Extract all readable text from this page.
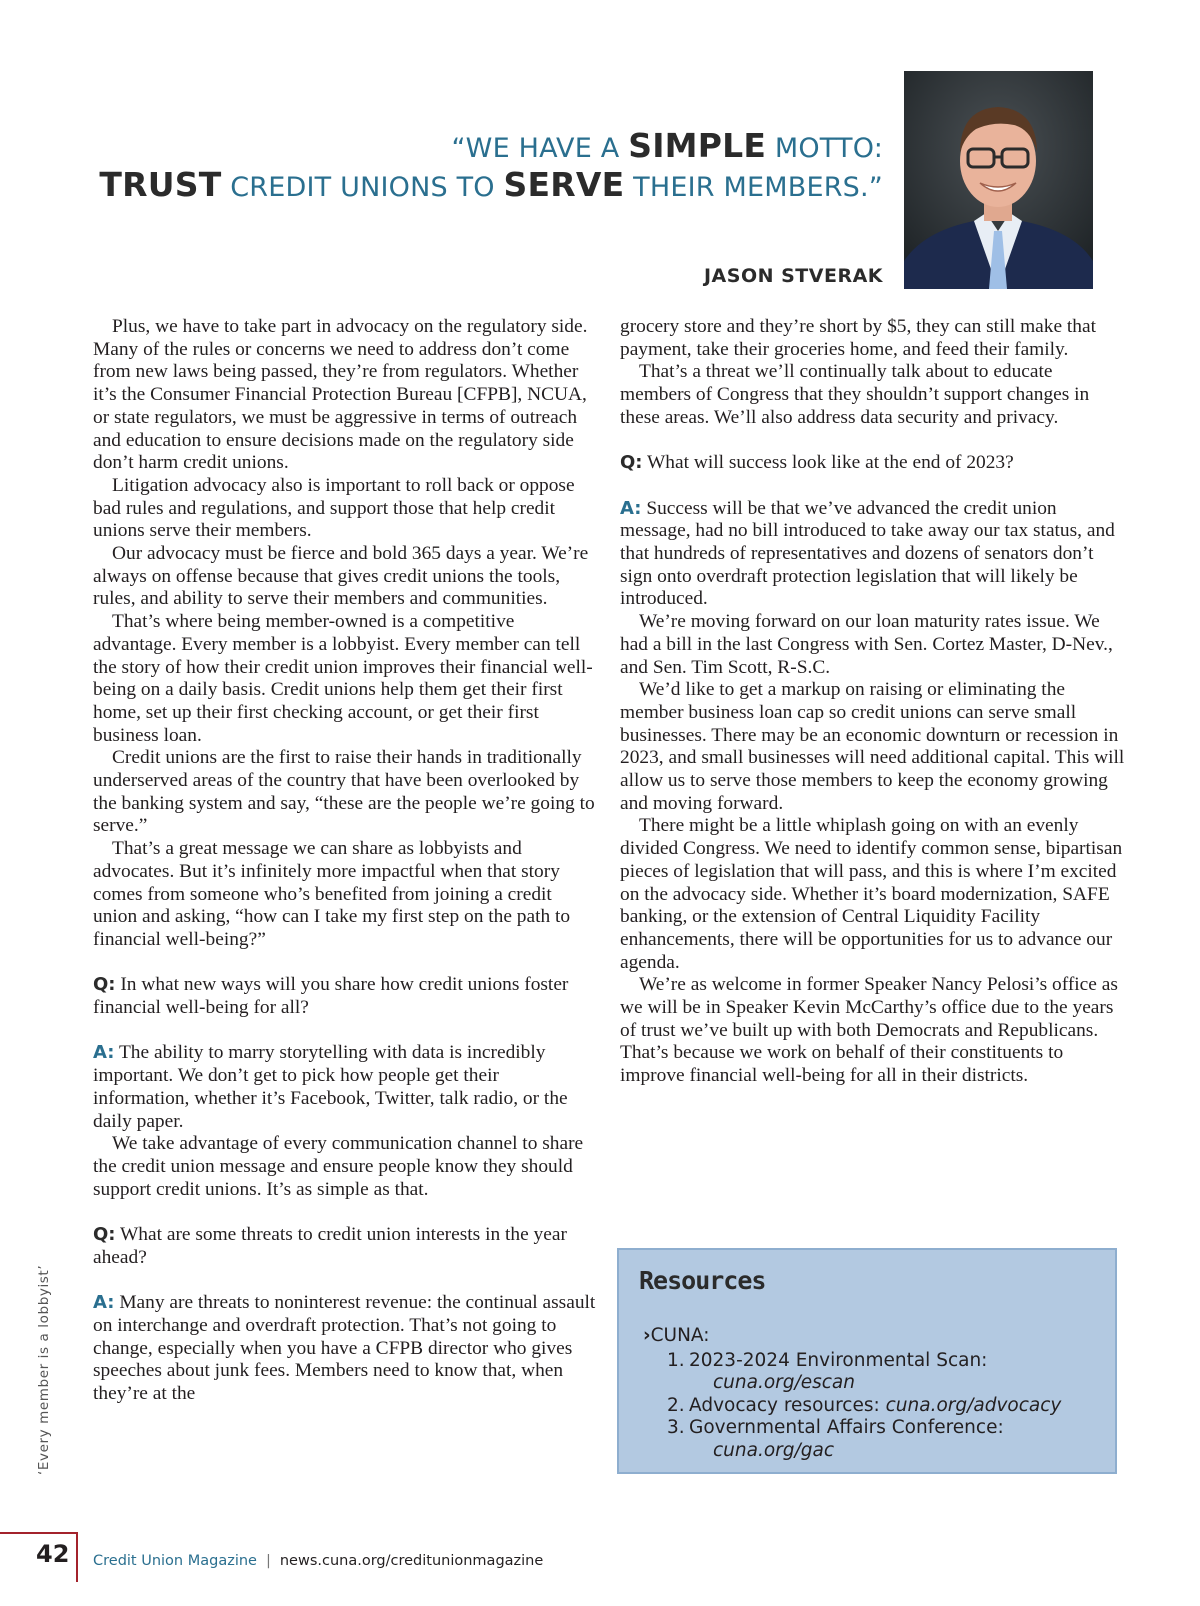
“WE HAVE A SIMPLE MOTTO:
TRUST CREDIT UNIONS TO SERVE THEIR MEMBERS.”
JASON STVERAK

Plus, we have to take part in advocacy on the regulatory side. Many of the rules or concerns we need to address don’t come from new laws being passed, they’re from regulators. Whether it’s the Consumer Financial Protection Bureau [CFPB], NCUA, or state regulators, we must be aggressive in terms of outreach and education to ensure decisions made on the regulatory side don’t harm credit unions.

Litigation advocacy also is important to roll back or oppose bad rules and regulations, and support those that help credit unions serve their members.

Our advocacy must be fierce and bold 365 days a year. We’re always on offense because that gives credit unions the tools, rules, and ability to serve their members and communities.

That’s where being member-owned is a competitive advantage. Every member is a lobbyist. Every member can tell the story of how their credit union improves their financial well-being on a daily basis. Credit unions help them get their first home, set up their first checking account, or get their first business loan.

Credit unions are the first to raise their hands in traditionally underserved areas of the country that have been overlooked by the banking system and say, “these are the people we’re going to serve.”

That’s a great message we can share as lobbyists and advocates. But it’s infinitely more impactful when that story comes from someone who’s benefited from joining a credit union and asking, “how can I take my first step on the path to financial well-being?”

Q: In what new ways will you share how credit unions foster financial well-being for all?

A: The ability to marry storytelling with data is incredibly important. We don’t get to pick how people get their information, whether it’s Facebook, Twitter, talk radio, or the daily paper.

We take advantage of every communication channel to share the credit union message and ensure people know they should support credit unions. It’s as simple as that.

Q: What are some threats to credit union interests in the year ahead?

A: Many are threats to noninterest revenue: the continual assault on interchange and overdraft protection. That’s not going to change, especially when you have a CFPB director who gives speeches about junk fees. Members need to know that, when they’re at the

grocery store and they’re short by $5, they can still make that payment, take their groceries home, and feed their family.

That’s a threat we’ll continually talk about to educate members of Congress that they shouldn’t support changes in these areas. We’ll also address data security and privacy.

Q: What will success look like at the end of 2023?

A: Success will be that we’ve advanced the credit union message, had no bill introduced to take away our tax status, and that hundreds of representatives and dozens of senators don’t sign onto overdraft protection legislation that will likely be introduced.

We’re moving forward on our loan maturity rates issue. We had a bill in the last Congress with Sen. Cortez Master, D-Nev., and Sen. Tim Scott, R-S.C.

We’d like to get a markup on raising or eliminating the member business loan cap so credit unions can serve small businesses. There may be an economic downturn or recession in 2023, and small businesses will need additional capital. This will allow us to serve those members to keep the economy growing and moving forward.

There might be a little whiplash going on with an evenly divided Congress. We need to identify common sense, bipartisan pieces of legislation that will pass, and this is where I’m excited on the advocacy side. Whether it’s board modernization, SAFE banking, or the extension of Central Liquidity Facility enhancements, there will be opportunities for us to advance our agenda.

We’re as welcome in former Speaker Nancy Pelosi’s office as we will be in Speaker Kevin McCarthy’s office due to the years of trust we’ve built up with both Democrats and Republicans. That’s because we work on behalf of their constituents to improve financial well-being for all in their districts.

Resources
›CUNA:
1. 2023-2024 Environmental Scan:
cuna.org/escan
2. Advocacy resources: cuna.org/advocacy
3. Governmental Affairs Conference:
cuna.org/gac
‘Every member is a lobbyist’
42 Credit Union Magazine | news.cuna.org/creditunionmagazine
